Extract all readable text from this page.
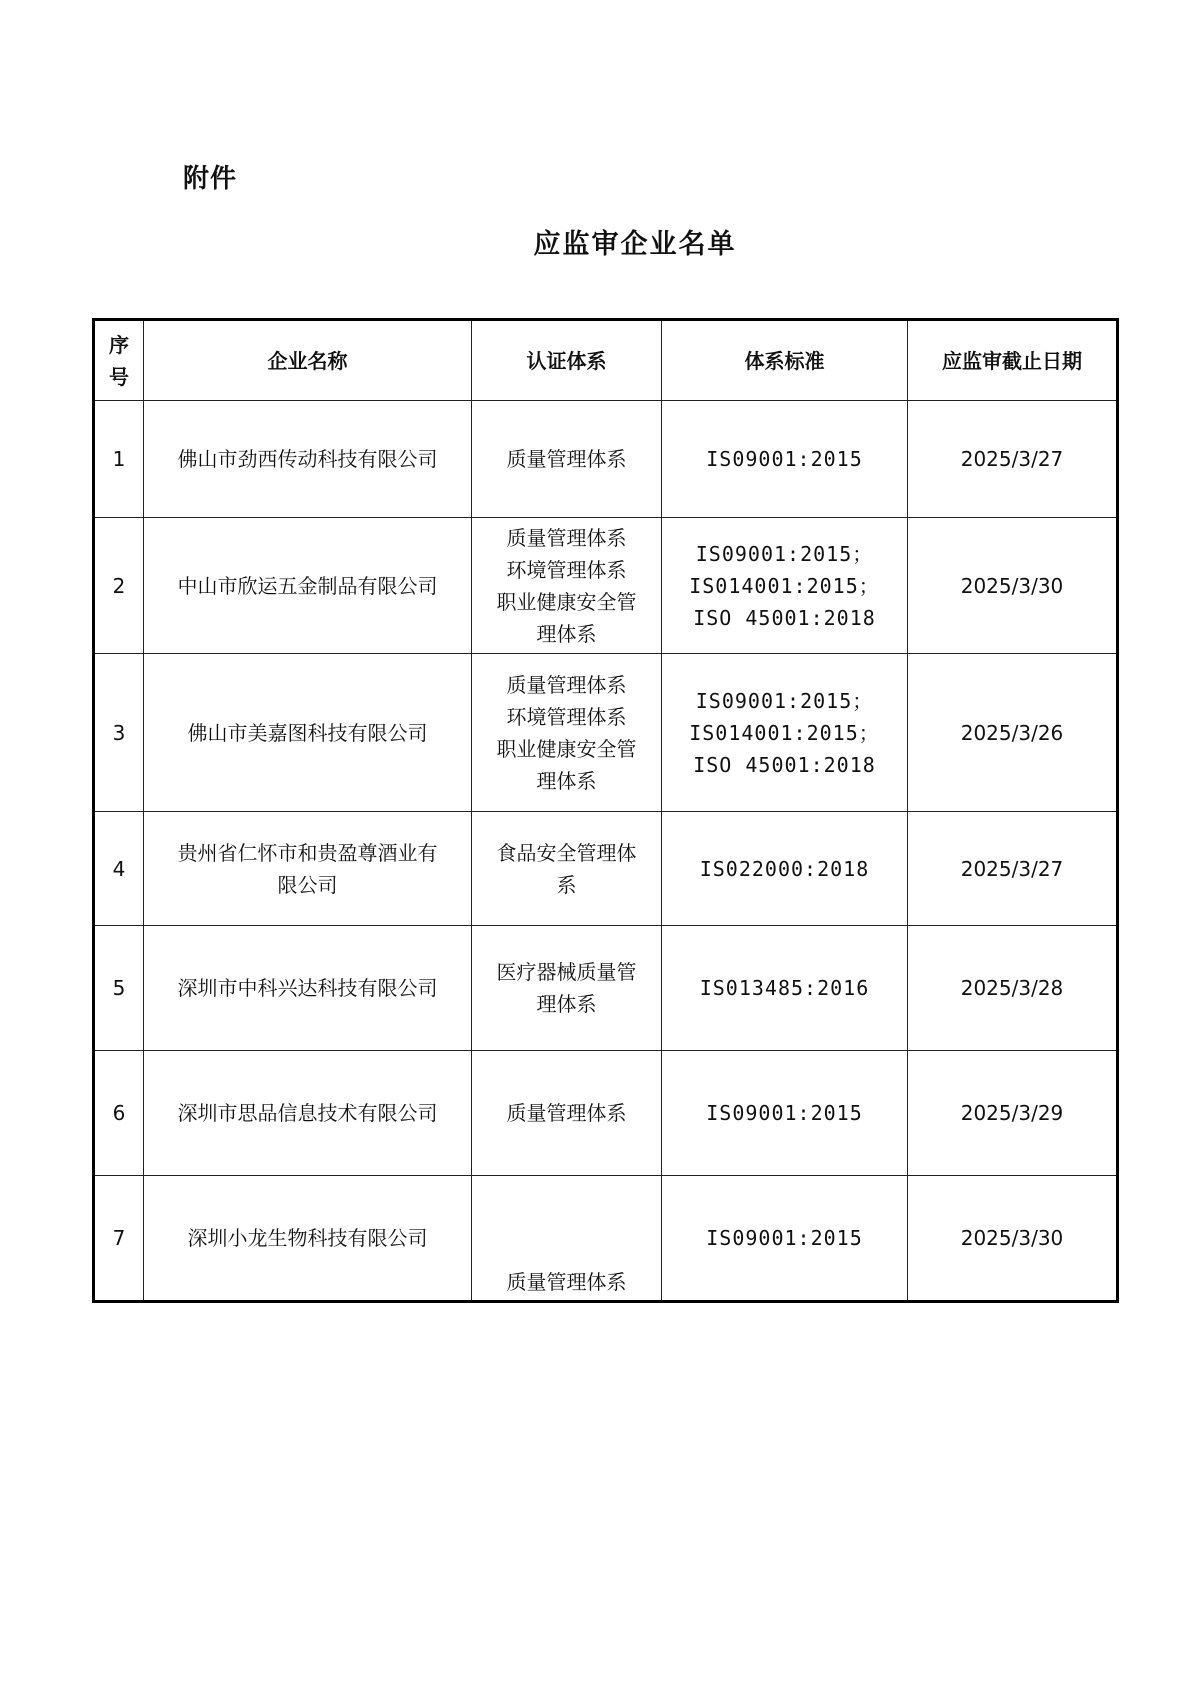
附件
应监审企业名单
序
号	企业名称	认证体系	体系标准	应监审截止日期
1	佛山市劲西传动科技有限公司	质量管理体系	IS09001:2015	2025/3/27
2	中山市欣运五金制品有限公司	质量管理体系
环境管理体系
职业健康安全管
理体系	IS09001:2015；
IS014001:2015；
ISO 45001:2018	2025/3/30
3	佛山市美嘉图科技有限公司	质量管理体系
环境管理体系
职业健康安全管
理体系	IS09001:2015；
IS014001:2015；
ISO 45001:2018	2025/3/26
4	贵州省仁怀市和贵盈尊酒业有
限公司	食品安全管理体
系	IS022000:2018	2025/3/27
5	深圳市中科兴达科技有限公司	医疗器械质量管
理体系	IS013485:2016	2025/3/28
6	深圳市思品信息技术有限公司	质量管理体系	IS09001:2015	2025/3/29
7	深圳小龙生物科技有限公司	质量管理体系	IS09001:2015	2025/3/30
